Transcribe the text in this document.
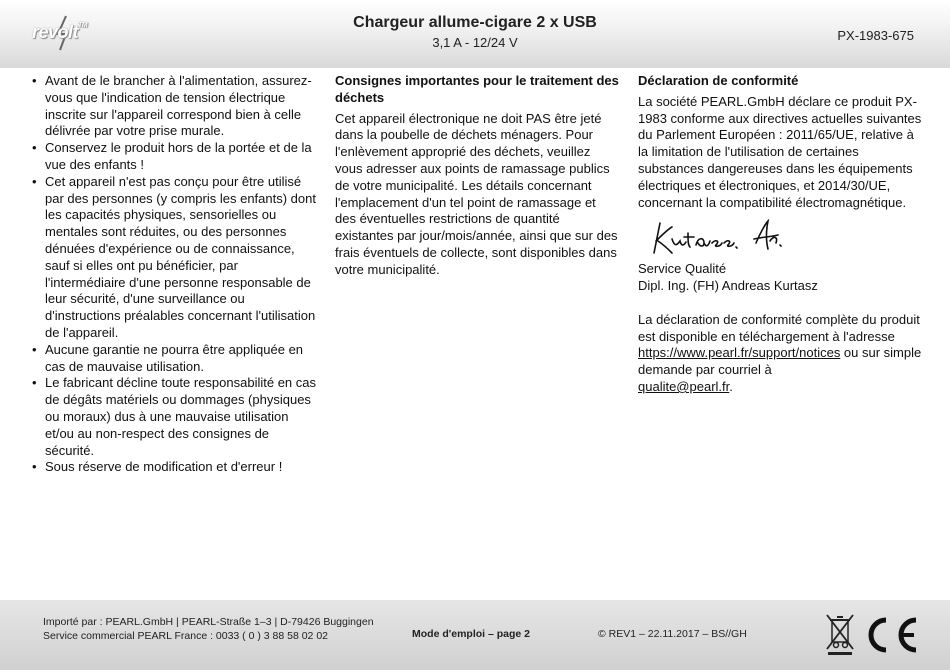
revolt™	Chargeur allume-cigare 2 x USB
3,1 A - 12/24 V	PX-1983-675
• Avant de le brancher à l'alimentation, assurez-vous que l'indication de tension électrique inscrite sur l'appareil correspond bien à celle délivrée par votre prise murale.
• Conservez le produit hors de la portée et de la vue des enfants !
• Cet appareil n'est pas conçu pour être utilisé par des personnes (y compris les enfants) dont les capacités physiques, sensorielles ou mentales sont réduites, ou des personnes dénuées d'expérience ou de connaissance, sauf si elles ont pu bénéficier, par l'intermédiaire d'une personne responsable de leur sécurité, d'une surveillance ou d'instructions préalables concernant l'utilisation de l'appareil.
• Aucune garantie ne pourra être appliquée en cas de mauvaise utilisation.
• Le fabricant décline toute responsabilité en cas de dégâts matériels ou dommages (physiques ou moraux) dus à une mauvaise utilisation et/ou au non-respect des consignes de sécurité.
• Sous réserve de modification et d'erreur !
Consignes importantes pour le traitement des déchets
Cet appareil électronique ne doit PAS être jeté dans la poubelle de déchets ménagers. Pour l'enlèvement approprié des déchets, veuillez vous adresser aux points de ramassage publics de votre municipalité. Les détails concernant l'emplacement d'un tel point de ramassage et des éventuelles restrictions de quantité existantes par jour/mois/année, ainsi que sur des frais éventuels de collecte, sont disponibles dans votre municipalité.
Déclaration de conformité
La société PEARL.GmbH déclare ce produit PX-1983 conforme aux directives actuelles suivantes du Parlement Européen : 2011/65/UE, relative à la limitation de l'utilisation de certaines substances dangereuses dans les équipements électriques et électroniques, et 2014/30/UE, concernant la compatibilité électromagnétique.
Service Qualité
Dipl. Ing. (FH) Andreas Kurtasz
La déclaration de conformité complète du produit est disponible en téléchargement à l'adresse
https://www.pearl.fr/support/notices ou sur simple demande par courriel à
qualite@pearl.fr.
Importé par : PEARL.GmbH | PEARL-Straße 1–3 | D-79426 Buggingen
Service commercial PEARL France : 0033 ( 0 ) 3 88 58 02 02	Mode d'emploi – page 2	© REV1 – 22.11.2017 – BS//GH
